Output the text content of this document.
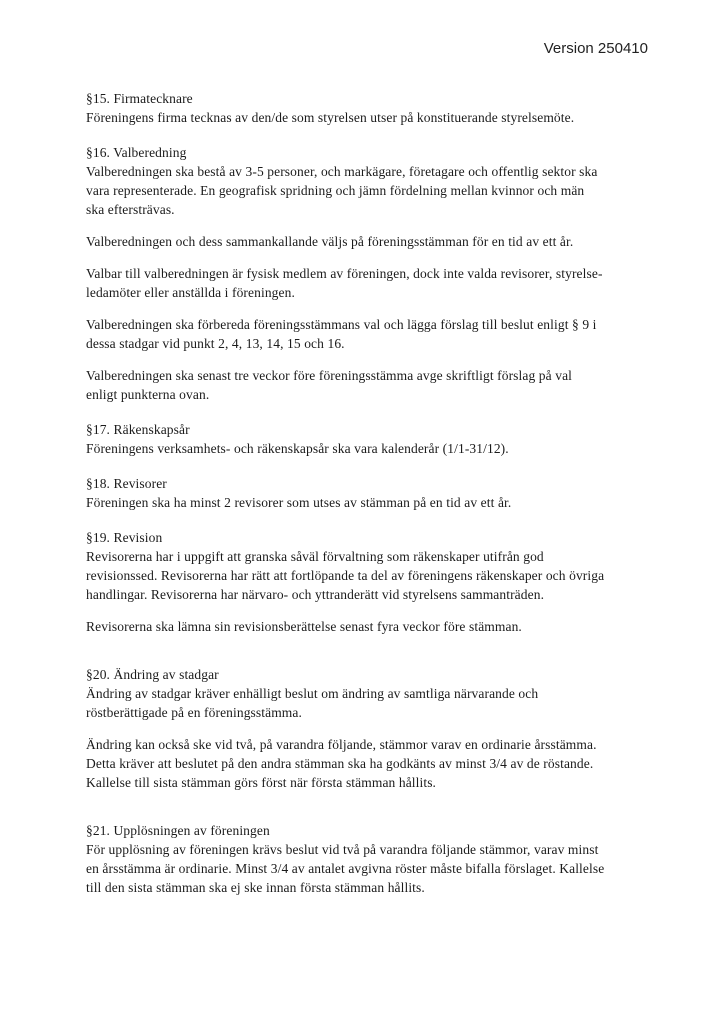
Version 250410
§15. Firmatecknare
Föreningens firma tecknas av den/de som styrelsen utser på konstituerande styrelsemöte.
§16. Valberedning
Valberedningen ska bestå av 3-5 personer, och markägare, företagare och offentlig sektor ska
vara representerade. En geografisk spridning och jämn fördelning mellan kvinnor och män
ska eftersträvas.
Valberedningen och dess sammankallande väljs på föreningsstämman för en tid av ett år.
Valbar till valberedningen är fysisk medlem av föreningen, dock inte valda revisorer, styrelse-
ledamöter eller anställda i föreningen.
Valberedningen ska förbereda föreningsstämmans val och lägga förslag till beslut enligt § 9 i
dessa stadgar vid punkt 2, 4, 13, 14, 15 och 16.
Valberedningen ska senast tre veckor före föreningsstämma avge skriftligt förslag på val
enligt punkterna ovan.
§17. Räkenskapsår
Föreningens verksamhets- och räkenskapsår ska vara kalenderår (1/1-31/12).
§18. Revisorer
Föreningen ska ha minst 2 revisorer som utses av stämman på en tid av ett år.
§19. Revision
Revisorerna har i uppgift att granska såväl förvaltning som räkenskaper utifrån god
revisionssed. Revisorerna har rätt att fortlöpande ta del av föreningens räkenskaper och övriga
handlingar. Revisorerna har närvaro- och yttranderätt vid styrelsens sammanträden.
Revisorerna ska lämna sin revisionsberättelse senast fyra veckor före stämman.
§20. Ändring av stadgar
Ändring av stadgar kräver enhälligt beslut om ändring av samtliga närvarande och
röstberättigade på en föreningsstämma.
Ändring kan också ske vid två, på varandra följande, stämmor varav en ordinarie årsstämma.
Detta kräver att beslutet på den andra stämman ska ha godkänts av minst 3/4 av de röstande.
Kallelse till sista stämman görs först när första stämman hållits.
§21. Upplösningen av föreningen
För upplösning av föreningen krävs beslut vid två på varandra följande stämmor, varav minst
en årsstämma är ordinarie. Minst 3/4 av antalet avgivna röster måste bifalla förslaget. Kallelse
till den sista stämman ska ej ske innan första stämman hållits.
